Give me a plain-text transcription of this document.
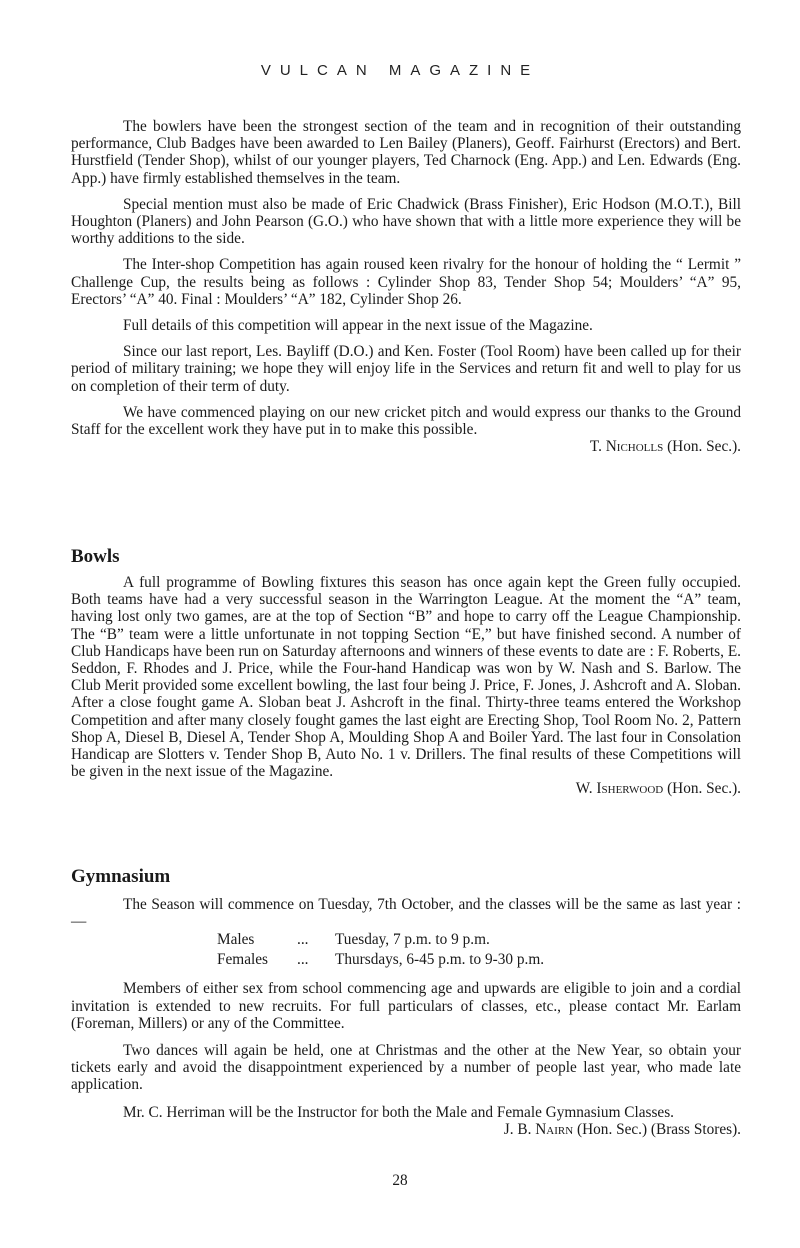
VULCAN MAGAZINE

The bowlers have been the strongest section of the team and in recognition of their outstanding performance, Club Badges have been awarded to Len Bailey (Planers), Geoff. Fairhurst (Erectors) and Bert. Hurstfield (Tender Shop), whilst of our younger players, Ted Charnock (Eng. App.) and Len. Edwards (Eng. App.) have firmly established themselves in the team.

Special mention must also be made of Eric Chadwick (Brass Finisher), Eric Hodson (M.O.T.), Bill Houghton (Planers) and John Pearson (G.O.) who have shown that with a little more experience they will be worthy additions to the side.

The Inter-shop Competition has again roused keen rivalry for the honour of holding the “ Lermit ” Challenge Cup, the results being as follows : Cylinder Shop 83, Tender Shop 54; Moulders’ “A” 95, Erectors’ “A” 40. Final : Moulders’ “A” 182, Cylinder Shop 26.

Full details of this competition will appear in the next issue of the Magazine.

Since our last report, Les. Bayliff (D.O.) and Ken. Foster (Tool Room) have been called up for their period of military training; we hope they will enjoy life in the Services and return fit and well to play for us on completion of their term of duty.

We have commenced playing on our new cricket pitch and would express our thanks to the Ground Staff for the excellent work they have put in to make this possible.

T. Nicholls (Hon. Sec.).
Bowls

A full programme of Bowling fixtures this season has once again kept the Green fully occupied. Both teams have had a very successful season in the Warrington League. At the moment the “A” team, having lost only two games, are at the top of Section “B” and hope to carry off the League Championship. The “B” team were a little unfortunate in not topping Section “E,” but have finished second. A number of Club Handicaps have been run on Saturday afternoons and winners of these events to date are : F. Roberts, E. Seddon, F. Rhodes and J. Price, while the Four-hand Handicap was won by W. Nash and S. Barlow. The Club Merit provided some excellent bowling, the last four being J. Price, F. Jones, J. Ashcroft and A. Sloban. After a close fought game A. Sloban beat J. Ashcroft in the final. Thirty-three teams entered the Workshop Competition and after many closely fought games the last eight are Erecting Shop, Tool Room No. 2, Pattern Shop A, Diesel B, Diesel A, Tender Shop A, Moulding Shop A and Boiler Yard. The last four in Consolation Handicap are Slotters v. Tender Shop B, Auto No. 1 v. Drillers. The final results of these Competitions will be given in the next issue of the Magazine.

W. Isherwood (Hon. Sec.).
Gymnasium

The Season will commence on Tuesday, 7th October, and the classes will be the same as last year :—

Males	...	Tuesday, 7 p.m. to 9 p.m.
Females	...	Thursdays, 6-45 p.m. to 9-30 p.m.

Members of either sex from school commencing age and upwards are eligible to join and a cordial invitation is extended to new recruits. For full particulars of classes, etc., please contact Mr. Earlam (Foreman, Millers) or any of the Committee.

Two dances will again be held, one at Christmas and the other at the New Year, so obtain your tickets early and avoid the disappointment experienced by a number of people last year, who made late application.

Mr. C. Herriman will be the Instructor for both the Male and Female Gymnasium Classes.

J. B. Nairn (Hon. Sec.) (Brass Stores).
28
